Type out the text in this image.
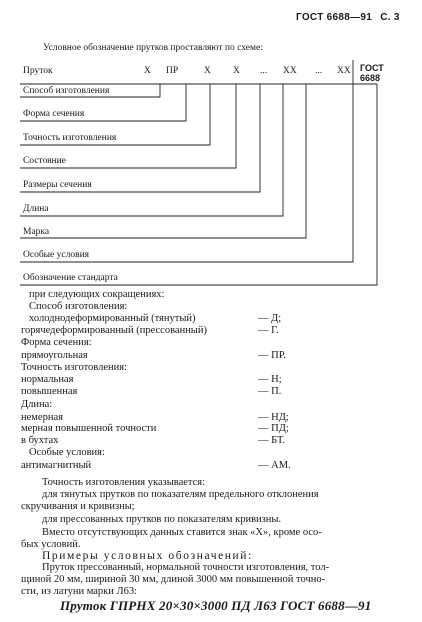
ГОСТ 6688—91 С. 3
Условное обозначение прутков проставляют по схеме:
Пруток	Х ПР	Х Х ... ХХ ... ХХ ГОСТ
6688
Способ изготовления
Форма сечения
Точность изготовления
Состояние
Размеры сечения
Длина
Марка
Особые условия
Обозначение стандарта
при следующих сокращениях:
Способ изготовления:
холоднодеформированный (тянутый)	— Д;
горячедеформированный (прессованный)	— Г.
Форма сечения:
прямоугольная	— ПР.
Точность изготовления:
нормальная	— Н;
повышенная	— П.
Длина:
немерная	— НД;
мерная повышенной точности	— ПД;
в бухтах	— БТ.
Особые условия:
антимагнитный	— АМ.
Точность изготовления указывается:
для тянутых прутков по показателям предельного отклонения
скручивания и кривизны;
для прессованных прутков по показателям кривизны.
Вместо отсутствующих данных ставится знак «Х», кроме осо-
бых условий.
Примеры условных обозначений:
Пруток прессованный, нормальной точности изготовления, тол-
щиной 20 мм, шириной 30 мм, длиной 3000 мм повышенной точно-
сти, из латуни марки Л63:
Пруток ГПРНХ 20×30×3000 ПД Л63 ГОСТ 6688—91
